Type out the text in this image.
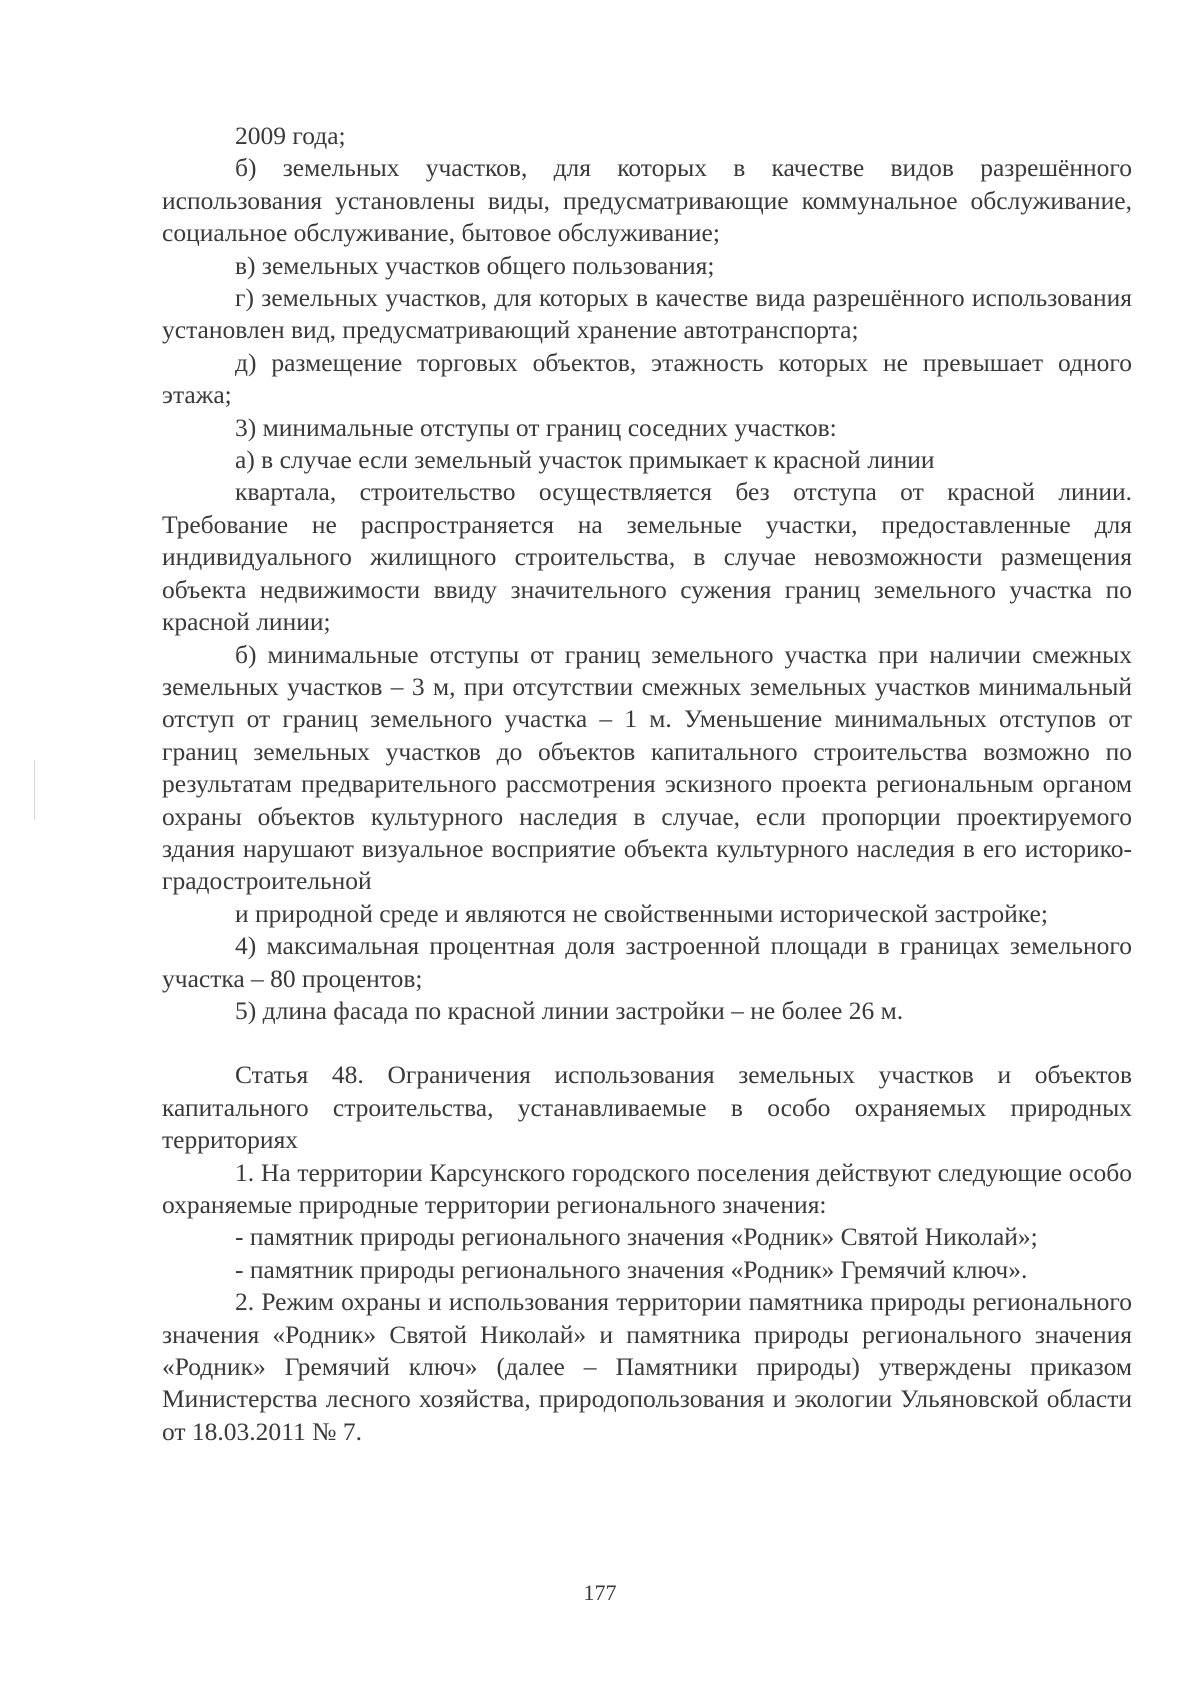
2009 года;

б) земельных участков, для которых в качестве видов разрешённого использования установлены виды, предусматривающие коммунальное обслуживание, социальное обслуживание, бытовое обслуживание;

в) земельных участков общего пользования;

г) земельных участков, для которых в качестве вида разрешённого использования установлен вид, предусматривающий хранение автотранспорта;

д) размещение торговых объектов, этажность которых не превышает одного этажа;

3) минимальные отступы от границ соседних участков:

а) в случае если земельный участок примыкает к красной линии

квартала, строительство осуществляется без отступа от красной линии. Требование не распространяется на земельные участки, предоставленные для индивидуального жилищного строительства, в случае невозможности размещения объекта недвижимости ввиду значительного сужения границ земельного участка по красной линии;

б) минимальные отступы от границ земельного участка при наличии смежных земельных участков – 3 м, при отсутствии смежных земельных участков минимальный отступ от границ земельного участка – 1 м. Уменьшение минимальных отступов от границ земельных участков до объектов капитального строительства возможно по результатам предварительного рассмотрения эскизного проекта региональным органом охраны объектов культурного наследия в случае, если пропорции проектируемого здания нарушают визуальное восприятие объекта культурного наследия в его историко-градостроительной

и природной среде и являются не свойственными исторической застройке;

4) максимальная процентная доля застроенной площади в границах земельного участка – 80 процентов;

5) длина фасада по красной линии застройки – не более 26 м.

Статья 48. Ограничения использования земельных участков и объектов капитального строительства, устанавливаемые в особо охраняемых природных территориях

1. На территории Карсунского городского поселения действуют следующие особо охраняемые природные территории регионального значения:

- памятник природы регионального значения «Родник» Святой Николай»;

- памятник природы регионального значения «Родник» Гремячий ключ».

2. Режим охраны и использования территории памятника природы регионального значения «Родник» Святой Николай» и памятника природы регионального значения «Родник» Гремячий ключ» (далее – Памятники природы) утверждены приказом Министерства лесного хозяйства, природопользования и экологии Ульяновской области от 18.03.2011 № 7.

177
